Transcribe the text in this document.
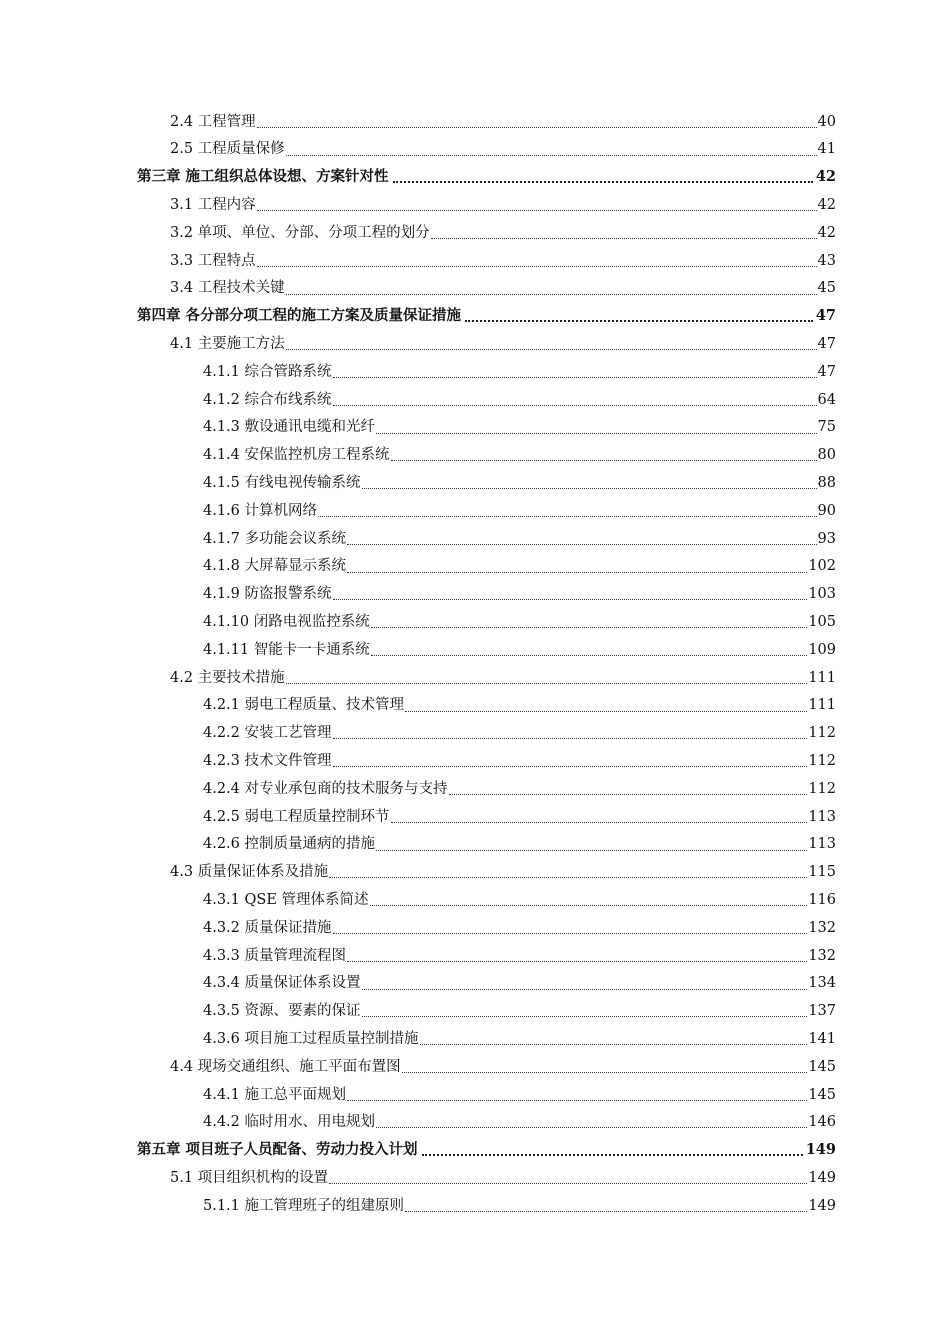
2.4 工程管理	40
2.5 工程质量保修	41
第三章 施工组织总体设想、方案针对性	42
3.1 工程内容	42
3.2 单项、单位、分部、分项工程的划分	42
3.3 工程特点	43
3.4 工程技术关键	45
第四章 各分部分项工程的施工方案及质量保证措施	47
4.1 主要施工方法	47
4.1.1 综合管路系统	47
4.1.2 综合布线系统	64
4.1.3 敷设通讯电缆和光纤	75
4.1.4 安保监控机房工程系统	80
4.1.5 有线电视传输系统	88
4.1.6 计算机网络	90
4.1.7 多功能会议系统	93
4.1.8 大屏幕显示系统	102
4.1.9 防盗报警系统	103
4.1.10 闭路电视监控系统	105
4.1.11 智能卡一卡通系统	109
4.2 主要技术措施	111
4.2.1 弱电工程质量、技术管理	111
4.2.2 安装工艺管理	112
4.2.3 技术文件管理	112
4.2.4 对专业承包商的技术服务与支持	112
4.2.5 弱电工程质量控制环节	113
4.2.6 控制质量通病的措施	113
4.3 质量保证体系及措施	115
4.3.1 QSE 管理体系简述	116
4.3.2 质量保证措施	132
4.3.3 质量管理流程图	132
4.3.4 质量保证体系设置	134
4.3.5 资源、要素的保证	137
4.3.6 项目施工过程质量控制措施	141
4.4 现场交通组织、施工平面布置图	145
4.4.1 施工总平面规划	145
4.4.2 临时用水、用电规划	146
第五章 项目班子人员配备、劳动力投入计划	149
5.1 项目组织机构的设置	149
5.1.1 施工管理班子的组建原则	149
